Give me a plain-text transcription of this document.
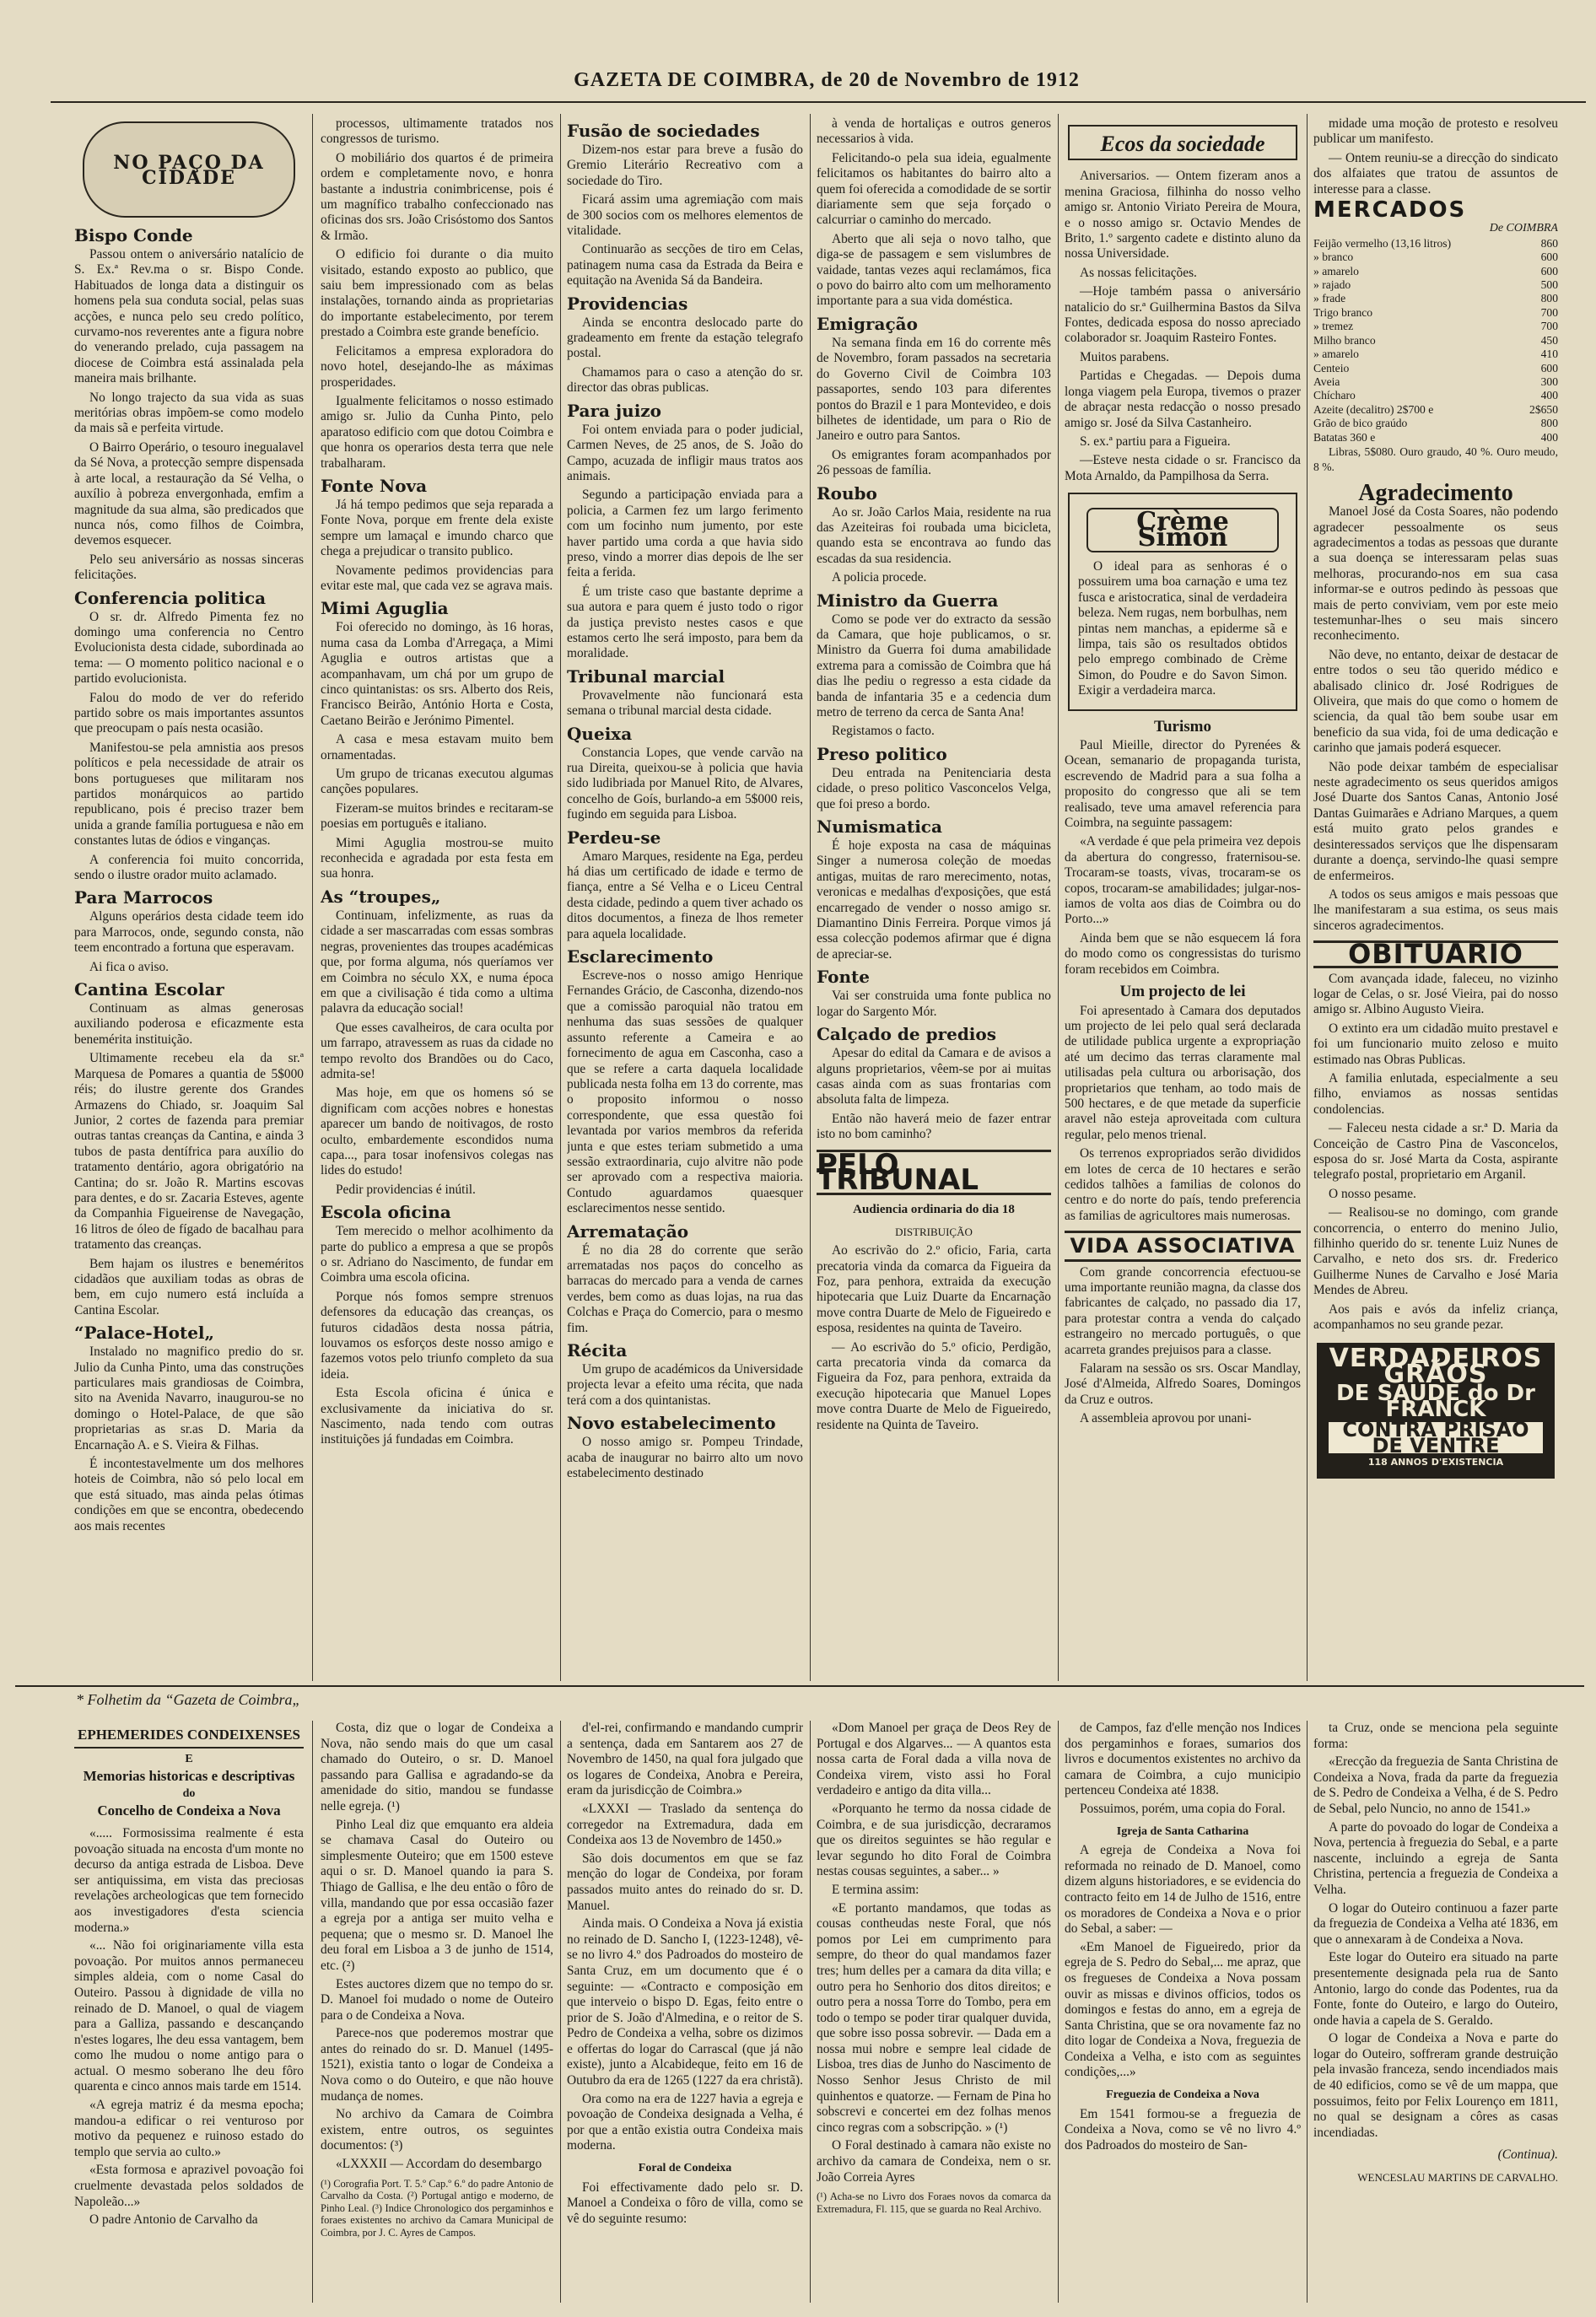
GAZETA DE COIMBRA, de 20 de Novembro de 1912
NO PAÇO DA CIDADE
Bispo Conde

Passou ontem o aniversário natalício de S. Ex.ª Rev.ma o sr. Bispo Conde. Habituados de longa data a distinguir os homens pela sua conduta social, pelas suas acções, e nunca pelo seu credo político, curvamo-nos reverentes ante a figura nobre do venerando prelado, cuja passagem na diocese de Coimbra está assinalada pela maneira mais brilhante.

No longo trajecto da sua vida as suas meritórias obras impõem-se como modelo da mais sã e perfeita virtude.

O Bairro Operário, o tesouro inegualavel da Sé Nova, a protecção sempre dispensada à arte local, a restauração da Sé Velha, o auxílio à pobreza envergonhada, emfim a magnitude da sua alma, são predicados que nunca nós, como filhos de Coimbra, devemos esquecer.

Pelo seu aniversário as nossas sinceras felicitações.

Conferencia politica

O sr. dr. Alfredo Pimenta fez no domingo uma conferencia no Centro Evolucionista desta cidade, subordinada ao tema: — O momento politico nacional e o partido evolucionista.

Falou do modo de ver do referido partido sobre os mais importantes assuntos que preocupam o país nesta ocasião.

Manifestou-se pela amnistia aos presos políticos e pela necessidade de atrair os bons portugueses que militaram nos partidos monárquicos ao partido republicano, pois é preciso trazer bem unida a grande família portuguesa e não em constantes lutas de ódios e vinganças.

A conferencia foi muito concorrida, sendo o ilustre orador muito aclamado.

Para Marrocos

Alguns operários desta cidade teem ido para Marrocos, onde, segundo consta, não teem encontrado a fortuna que esperavam.

Ai fica o aviso.

Cantina Escolar

Continuam as almas generosas auxiliando poderosa e eficazmente esta benemérita instituição.

Ultimamente recebeu ela da sr.ª Marquesa de Pomares a quantia de 5$000 réis; do ilustre gerente dos Grandes Armazens do Chiado, sr. Joaquim Sal Junior, 2 cortes de fazenda para premiar outras tantas creanças da Cantina, e ainda 3 tubos de pasta dentífrica para auxílio do tratamento dentário, agora obrigatório na Cantina; do sr. João R. Martins escovas para dentes, e do sr. Zacaria Esteves, agente da Companhia Figueirense de Navegação, 16 litros de óleo de fígado de bacalhau para tratamento das creanças.

Bem hajam os ilustres e beneméritos cidadãos que auxiliam todas as obras de bem, em cujo numero está incluída a Cantina Escolar.

“Palace-Hotel„

Instalado no magnifico predio do sr. Julio da Cunha Pinto, uma das construções particulares mais grandiosas de Coimbra, sito na Avenida Navarro, inaugurou-se no domingo o Hotel-Palace, de que são proprietarias as sr.as D. Maria da Encarnação A. e S. Vieira & Filhas.

É incontestavelmente um dos melhores hoteis de Coimbra, não só pelo local em que está situado, mas ainda pelas ótimas condições em que se encontra, obedecendo aos mais recentes

processos, ultimamente tratados nos congressos de turismo.

O mobiliário dos quartos é de primeira ordem e completamente novo, e honra bastante a industria conimbricense, pois é um magnífico trabalho confeccionado nas oficinas dos srs. João Crisóstomo dos Santos & Irmão.

O edificio foi durante o dia muito visitado, estando exposto ao publico, que saiu bem impressionado com as belas instalações, tornando ainda as proprietarias do importante estabelecimento, por terem prestado a Coimbra este grande benefício.

Felicitamos a empresa exploradora do novo hotel, desejando-lhe as máximas prosperidades.

Igualmente felicitamos o nosso estimado amigo sr. Julio da Cunha Pinto, pelo aparatoso edificio com que dotou Coimbra e que honra os operarios desta terra que nele trabalharam.

Fonte Nova

Já há tempo pedimos que seja reparada a Fonte Nova, porque em frente dela existe sempre um lamaçal e imundo charco que chega a prejudicar o transito publico.

Novamente pedimos providencias para evitar este mal, que cada vez se agrava mais.

Mimi Aguglia

Foi oferecido no domingo, às 16 horas, numa casa da Lomba d'Arregaça, a Mimi Aguglia e outros artistas que a acompanhavam, um chá por um grupo de cinco quintanistas: os srs. Alberto dos Reis, Francisco Beirão, António Horta e Costa, Caetano Beirão e Jerónimo Pimentel.

A casa e mesa estavam muito bem ornamentadas.

Um grupo de tricanas executou algumas canções populares.

Fizeram-se muitos brindes e recitaram-se poesias em português e italiano.

Mimi Aguglia mostrou-se muito reconhecida e agradada por esta festa em sua honra.

As “troupes„

Continuam, infelizmente, as ruas da cidade a ser mascarradas com essas sombras negras, provenientes das troupes académicas que, por forma alguma, nós queríamos ver em Coimbra no século XX, e numa época em que a civilisação é tida como a ultima palavra da educação social!

Que esses cavalheiros, de cara oculta por um farrapo, atravessem as ruas da cidade no tempo revolto dos Brandões ou do Caco, admita-se!

Mas hoje, em que os homens só se dignificam com acções nobres e honestas aparecer um bando de noitivagos, de rosto oculto, embardemente escondidos numa capa..., para tosar inofensivos colegas nas lides do estudo!

Pedir providencias é inútil.

Escola oficina

Tem merecido o melhor acolhimento da parte do publico a empresa a que se propôs o sr. Adriano do Nascimento, de fundar em Coimbra uma escola oficina.

Porque nós fomos sempre strenuos defensores da educação das creanças, os futuros cidadãos desta nossa pátria, louvamos os esforços deste nosso amigo e fazemos votos pelo triunfo completo da sua ideia.

Esta Escola oficina é única e exclusivamente da iniciativa do sr. Nascimento, nada tendo com outras instituições já fundadas em Coimbra.

Fusão de sociedades

Dizem-nos estar para breve a fusão do Gremio Literário Recreativo com a sociedade do Tiro.

Ficará assim uma agremiação com mais de 300 socios com os melhores elementos de vitalidade.

Continuarão as secções de tiro em Celas, patinagem numa casa da Estrada da Beira e equitação na Avenida Sá da Bandeira.

Providencias

Ainda se encontra deslocado parte do gradeamento em frente da estação telegrafo postal.

Chamamos para o caso a atenção do sr. director das obras publicas.

Para juizo

Foi ontem enviada para o poder judicial, Carmen Neves, de 25 anos, de S. João do Campo, acuzada de infligir maus tratos aos animais.

Segundo a participação enviada para a policia, a Carmen fez um largo ferimento com um focinho num jumento, por este haver partido uma corda a que havia sido preso, vindo a morrer dias depois de lhe ser feita a ferida.

É um triste caso que bastante deprime a sua autora e para quem é justo todo o rigor da justiça previsto nestes casos e que estamos certo lhe será imposto, para bem da moralidade.

Tribunal marcial

Provavelmente não funcionará esta semana o tribunal marcial desta cidade.

Queixa

Constancia Lopes, que vende carvão na rua Direita, queixou-se à policia que havia sido ludibriada por Manuel Rito, de Alvares, concelho de Goís, burlando-a em 5$000 reis, fugindo em seguida para Lisboa.

Perdeu-se

Amaro Marques, residente na Ega, perdeu há dias um certificado de idade e termo de fiança, entre a Sé Velha e o Liceu Central desta cidade, pedindo a quem tiver achado os ditos documentos, a fineza de lhos remeter para aquela localidade.

Esclarecimento

Escreve-nos o nosso amigo Henrique Fernandes Grácio, de Casconha, dizendo-nos que a comissão paroquial não tratou em nenhuma das suas sessões de qualquer assunto referente a Cameira e ao fornecimento de agua em Casconha, caso a que se refere a carta daquela localidade publicada nesta folha em 13 do corrente, mas o proposito informou o nosso correspondente, que essa questão foi levantada por varios membros da referida junta e que estes teriam submetido a uma sessão extraordinaria, cujo alvitre não pode ser aprovado com a respectiva maioria. Contudo aguardamos quaesquer esclarecimentos nesse sentido.

Arrematação

É no dia 28 do corrente que serão arrematadas nos paços do concelho as barracas do mercado para a venda de carnes verdes, bem como as duas lojas, na rua das Colchas e Praça do Comercio, para o mesmo fim.

Récita

Um grupo de académicos da Universidade projecta levar a efeito uma récita, que nada terá com a dos quintanistas.

Novo estabelecimento

O nosso amigo sr. Pompeu Trindade, acaba de inaugurar no bairro alto um novo estabelecimento destinado

à venda de hortaliças e outros generos necessarios à vida.

Felicitando-o pela sua ideia, egualmente felicitamos os habitantes do bairro alto a quem foi oferecida a comodidade de se sortir diariamente sem que seja forçado o calcurriar o caminho do mercado.

Aberto que ali seja o novo talho, que diga-se de passagem e sem vislumbres de vaidade, tantas vezes aqui reclamámos, fica o povo do bairro alto com um melhoramento importante para a sua vida doméstica.

Emigração

Na semana finda em 16 do corrente mês de Novembro, foram passados na secretaria do Governo Civil de Coimbra 103 passaportes, sendo 103 para diferentes pontos do Brazil e 1 para Montevideo, e dois bilhetes de identidade, um para o Rio de Janeiro e outro para Santos.

Os emigrantes foram acompanhados por 26 pessoas de família.

Roubo

Ao sr. João Carlos Maia, residente na rua das Azeiteiras foi roubada uma bicicleta, quando esta se encontrava ao fundo das escadas da sua residencia.

A policia procede.

Ministro da Guerra

Como se pode ver do extracto da sessão da Camara, que hoje publicamos, o sr. Ministro da Guerra foi duma amabilidade extrema para a comissão de Coimbra que há dias lhe pediu o regresso a esta cidade da banda de infantaria 35 e a cedencia dum metro de terreno da cerca de Santa Ana!

Registamos o facto.

Preso politico

Deu entrada na Penitenciaria desta cidade, o preso politico Vasconcelos Velga, que foi preso a bordo.

Numismatica

É hoje exposta na casa de máquinas Singer a numerosa coleção de moedas antigas, muitas de raro merecimento, notas, veronicas e medalhas d'exposições, que está encarregado de vender o nosso amigo sr. Diamantino Dinis Ferreira. Porque vimos já essa colecção podemos afirmar que é digna de apreciar-se.

Fonte

Vai ser construida uma fonte publica no logar do Sargento Mór.

Calçado de predios

Apesar do edital da Camara e de avisos a alguns proprietarios, vêem-se por ai muitas casas ainda com as suas frontarias com absoluta falta de limpeza.

Então não haverá meio de fazer entrar isto no bom caminho?

PELO TRIBUNAL
Audiencia ordinaria do dia 18
DISTRIBUIÇÃO

Ao escrivão do 2.º oficio, Faria, carta precatoria vinda da comarca da Figueira da Foz, para penhora, extraida da execução hipotecaria que Luiz Duarte da Encarnação move contra Duarte de Melo de Figueiredo e esposa, residentes na quinta de Taveiro.

— Ao escrivão do 5.º oficio, Perdigão, carta precatoria vinda da comarca da Figueira da Foz, para penhora, extraida da execução hipotecaria que Manuel Lopes move contra Duarte de Melo de Figueiredo, residente na Quinta de Taveiro.

Ecos da sociedade

Aniversarios. — Ontem fizeram anos a menina Graciosa, filhinha do nosso velho amigo sr. Antonio Viriato Pereira de Moura, e o nosso amigo sr. Octavio Mendes de Brito, 1.º sargento cadete e distinto aluno da nossa Universidade.

As nossas felicitações.

—Hoje também passa o aniversário natalicio do sr.ª Guilhermina Bastos da Silva Fontes, dedicada esposa do nosso apreciado colaborador sr. Joaquim Rasteiro Fontes.

Muitos parabens.

Partidas e Chegadas. — Depois duma longa viagem pela Europa, tivemos o prazer de abraçar nesta redacção o nosso presado amigo sr. José da Silva Castanheiro.

S. ex.ª partiu para a Figueira.

—Esteve nesta cidade o sr. Francisco da Mota Arnaldo, da Pampilhosa da Serra.

Crème Simon

O ideal para as senhoras é o possuirem uma boa carnação e uma tez fusca e aristocratica, sinal de verdadeira beleza. Nem rugas, nem borbulhas, nem pintas nem manchas, a epiderme sã e limpa, tais são os resultados obtidos pelo emprego combinado de Crème Simon, do Poudre e do Savon Simon. Exigir a verdadeira marca.

Turismo

Paul Mieille, director do Pyrenées & Ocean, semanario de propaganda turista, escrevendo de Madrid para a sua folha a proposito do congresso que ali se tem realisado, teve uma amavel referencia para Coimbra, na seguinte passagem:

«A verdade é que pela primeira vez depois da abertura do congresso, fraternisou-se. Trocaram-se toasts, vivas, trocaram-se os copos, trocaram-se amabilidades; julgar-nos-iamos de volta aos dias de Coimbra ou do Porto...»

Ainda bem que se não esquecem lá fora do modo como os congressistas do turismo foram recebidos em Coimbra.

Um projecto de lei

Foi apresentado à Camara dos deputados um projecto de lei pelo qual será declarada de utilidade publica urgente a expropriação até um decimo das terras claramente mal utilisadas pela cultura ou arborisação, dos proprietarios que tenham, ao todo mais de 500 hectares, e de que metade da superficie aravel não esteja aproveitada com cultura regular, pelo menos trienal.

Os terrenos expropriados serão divididos em lotes de cerca de 10 hectares e serão cedidos talhões a familias de colonos do centro e do norte do país, tendo preferencia as familias de agricultores mais numerosas.

VIDA ASSOCIATIVA

Com grande concorrencia efectuou-se uma importante reunião magna, da classe dos fabricantes de calçado, no passado dia 17, para protestar contra a venda do calçado estrangeiro no mercado português, o que acarreta grandes prejuisos para a classe.

Falaram na sessão os srs. Oscar Mandlay, José d'Almeida, Alfredo Soares, Domingos da Cruz e outros.

A assembleia aprovou por unani-

midade uma moção de protesto e resolveu publicar um manifesto.

— Ontem reuniu-se a direcção do sindicato dos alfaiates que tratou de assuntos de interesse para a classe.

MERCADOS
De COIMBRA
Feijão vermelho (13,16 litros)	860
» branco	600
» amarelo	600
» rajado	500
» frade	800
Trigo branco	700
» tremez	700
Milho branco	450
» amarelo	410
Centeio	600
Aveia	300
Chícharo	400
Azeite (decalitro) 2$700 e	2$650
Grão de bico graúdo	800
Batatas 360 e	400

Libras, 5$080. Ouro graudo, 40 %. Ouro meudo, 8 %.

Agradecimento

Manoel José da Costa Soares, não podendo agradecer pessoalmente os seus agradecimentos a todas as pessoas que durante a sua doença se interessaram pelas suas melhoras, procurando-nos em sua casa informar-se e outros pedindo às pessoas que mais de perto conviviam, vem por este meio testemunhar-lhes o seu mais sincero reconhecimento.

Não deve, no entanto, deixar de destacar de entre todos o seu tão querido médico e abalisado clinico dr. José Rodrigues de Oliveira, que mais do que como o homem de sciencia, da qual tão bem soube usar em beneficio da sua vida, foi de uma dedicação e carinho que jamais poderá esquecer.

Não pode deixar também de especialisar neste agradecimento os seus queridos amigos José Duarte dos Santos Canas, Antonio José Dantas Guimarães e Adriano Marques, a quem está muito grato pelos grandes e desinteressados serviços que lhe dispensaram durante a doença, servindo-lhe quasi sempre de enfermeiros.

A todos os seus amigos e mais pessoas que lhe manifestaram a sua estima, os seus mais sinceros agradecimentos.

OBITUARIO

Com avançada idade, faleceu, no vizinho logar de Celas, o sr. José Vieira, pai do nosso amigo sr. Albino Augusto Vieira.

O extinto era um cidadão muito prestavel e foi um funcionario muito zeloso e muito estimado nas Obras Publicas.

A familia enlutada, especialmente a seu filho, enviamos as nossas sentidas condolencias.

— Faleceu nesta cidade a sr.ª D. Maria da Conceição de Castro Pina de Vasconcelos, esposa do sr. José Marta da Costa, aspirante telegrafo postal, proprietario em Arganil.

O nosso pesame.

— Realisou-se no domingo, com grande concorrencia, o enterro do menino Julio, filhinho querido do sr. tenente Luiz Nunes de Carvalho, e neto dos srs. dr. Frederico Guilherme Nunes de Carvalho e José Maria Mendes de Abreu.

Aos pais e avós da infeliz criança, acompanhamos no seu grande pezar.

VERDADEIROS GRÃOS
DE SAUDE do Dr FRANCK
CONTRA PRISÃO DE VENTRE
118 ANNOS D'EXISTENCIA
* Folhetim da “Gazeta de Coimbra„
EPHEMERIDES CONDEIXENSES
E
Memorias historicas e descriptivas
do
Concelho de Condeixa a Nova

«..... Formosissima realmente é esta povoação situada na encosta d'um monte no decurso da antiga estrada de Lisboa. Deve ser antiquissima, em vista das preciosas revelações archeologicas que tem fornecido aos investigadores d'esta sciencia moderna.»

«... Não foi originariamente villa esta povoação. Por muitos annos permaneceu simples aldeia, com o nome Casal do Outeiro. Passou à dignidade de villa no reinado de D. Manoel, o qual de viagem para a Galliza, passando e descançando n'estes logares, lhe deu essa vantagem, bem como lhe mudou o nome antigo para o actual. O mesmo soberano lhe deu fôro quarenta e cinco annos mais tarde em 1514.

«A egreja matriz é da mesma epocha; mandou-a edificar o rei venturoso por motivo da pequenez e ruinoso estado do templo que servia ao culto.»

«Esta formosa e aprazivel povoação foi cruelmente devastada pelos soldados de Napoleão...»

O padre Antonio de Carvalho da

Costa, diz que o logar de Condeixa a Nova, não sendo mais do que um casal chamado do Outeiro, o sr. D. Manoel passando para Gallisa e agradando-se da amenidade do sitio, mandou se fundasse nelle egreja. (¹)

Pinho Leal diz que emquanto era aldeia se chamava Casal do Outeiro ou simplesmente Outeiro; que em 1500 esteve aqui o sr. D. Manoel quando ia para S. Thiago de Gallisa, e lhe deu então o fôro de villa, mandando que por essa occasião fazer a egreja por a antiga ser muito velha e pequena; que o mesmo sr. D. Manoel lhe deu foral em Lisboa a 3 de junho de 1514, etc. (²)

Estes auctores dizem que no tempo do sr. D. Manoel foi mudado o nome de Outeiro para o de Condeixa a Nova.

Parece-nos que poderemos mostrar que antes do reinado do sr. D. Manuel (1495-1521), existia tanto o logar de Condeixa a Nova como o do Outeiro, e que não houve mudança de nomes.

No archivo da Camara de Coimbra existem, entre outros, os seguintes documentos: (³)

«LXXXII — Accordam do desembargo

(¹) Corografia Port. T. 5.º Cap.º 6.º do padre Antonio de Carvalho da Costa. (²) Portugal antigo e moderno, de Pinho Leal. (³) Indice Chronologico dos pergaminhos e foraes existentes no archivo da Camara Municipal de Coimbra, por J. C. Ayres de Campos.

d'el-rei, confirmando e mandando cumprir a sentença, dada em Santarem aos 27 de Novembro de 1450, na qual fora julgado que os logares de Condeixa, Anobra e Pereira, eram da jurisdicção de Coimbra.»

«LXXXI — Traslado da sentença do corregedor na Extremadura, dada em Condeixa aos 13 de Novembro de 1450.»

São dois documentos em que se faz menção do logar de Condeixa, por foram passados muito antes do reinado do sr. D. Manuel.

Ainda mais. O Condeixa a Nova já existia no reinado de D. Sancho I, (1223-1248), vê-se no livro 4.º dos Padroados do mosteiro de Santa Cruz, em um documento que é o seguinte: — «Contracto e composição em que interveio o bispo D. Egas, feito entre o prior de S. João d'Almedina, e o reitor de S. Pedro de Condeixa a velha, sobre os dizimos e offertas do logar do Carrascal (que já não existe), junto a Alcabideque, feito em 16 de Outubro da era de 1265 (1227 da era christã).

Ora como na era de 1227 havia a egreja e povoação de Condeixa designada a Velha, é por que a então existia outra Condeixa mais moderna.

Foral de Condeixa

Foi effectivamente dado pelo sr. D. Manoel a Condeixa o fôro de villa, como se vê do seguinte resumo:

«Dom Manoel per graça de Deos Rey de Portugal e dos Algarves... — A quantos esta nossa carta de Foral dada a villa nova de Condeixa virem, visto assi ho Foral verdadeiro e antigo da dita villa...

«Porquanto he termo da nossa cidade de Coimbra, e de sua jurisdicção, decraramos que os direitos seguintes se hão regular e levar segundo ho dito Foral de Coimbra nestas cousas seguintes, a saber... »

E termina assim:

«E portanto mandamos, que todas as cousas contheudas neste Foral, que nós pomos por Lei em cumprimento para sempre, do theor do qual mandamos fazer tres; hum delles per a camara da dita villa; e outro pera ho Senhorio dos ditos direitos; e outro pera a nossa Torre do Tombo, pera em todo o tempo se poder tirar qualquer duvida, que sobre isso possa sobrevir. — Dada em a nossa mui nobre e sempre leal cidade de Lisboa, tres dias de Junho do Nascimento de Nosso Senhor Jesus Christo de mil quinhentos e quatorze. — Fernam de Pina ho sobscrevi e concertei em dez folhas menos cinco regras com a sobscripção. » (¹)

O Foral destinado à camara não existe no archivo da camara de Condeixa, nem o sr. João Correia Ayres

(¹) Acha-se no Livro dos Foraes novos da comarca da Extremadura, Fl. 115, que se guarda no Real Archivo.

de Campos, faz d'elle menção nos Indices dos pergaminhos e foraes, sumarios dos livros e documentos existentes no archivo da camara de Coimbra, a cujo municipio pertenceu Condeixa até 1838.

Possuimos, porém, uma copia do Foral.

Igreja de Santa Catharina

A egreja de Condeixa a Nova foi reformada no reinado de D. Manoel, como dizem alguns historiadores, e se evidencia do contracto feito em 14 de Julho de 1516, entre os moradores de Condeixa a Nova e o prior do Sebal, a saber: —

«Em Manoel de Figueiredo, prior da egreja de S. Pedro do Sebal,... me apraz, que os fregueses de Condeixa a Nova possam ouvir as missas e divinos officios, todos os domingos e festas do anno, em a egreja de Santa Christina, que se ora novamente faz no dito logar de Condeixa a Nova, freguezia de Condeixa a Velha, e isto com as seguintes condições,...»

Freguezia de Condeixa a Nova

Em 1541 formou-se a freguezia de Condeixa a Nova, como se vê no livro 4.º dos Padroados do mosteiro de San-

ta Cruz, onde se menciona pela seguinte forma:

«Erecção da freguezia de Santa Christina de Condeixa a Nova, frada da parte da freguezia de S. Pedro de Condeixa a Velha, é de S. Pedro de Sebal, pelo Nuncio, no anno de 1541.»

A parte do povoado do logar de Condeixa a Nova, pertencia à freguezia do Sebal, e a parte nascente, incluindo a egreja de Santa Christina, pertencia a freguezia de Condeixa a Velha.

O logar do Outeiro continuou a fazer parte da freguezia de Condeixa a Velha até 1836, em que o annexaram à de Condeixa a Nova.

Este logar do Outeiro era situado na parte presentemente designada pela rua de Santo Antonio, largo do conde das Podentes, rua da Fonte, fonte do Outeiro, e largo do Outeiro, onde havia a capela de S. Geraldo.

O logar de Condeixa a Nova e parte do logar do Outeiro, soffreram grande destruição pela invasão franceza, sendo incendiados mais de 40 edificios, como se vê de um mappa, que possuimos, feito por Felix Lourenço em 1811, no qual se designam a côres as casas incendiadas.

(Continua).
WENCESLAU MARTINS DE CARVALHO.
